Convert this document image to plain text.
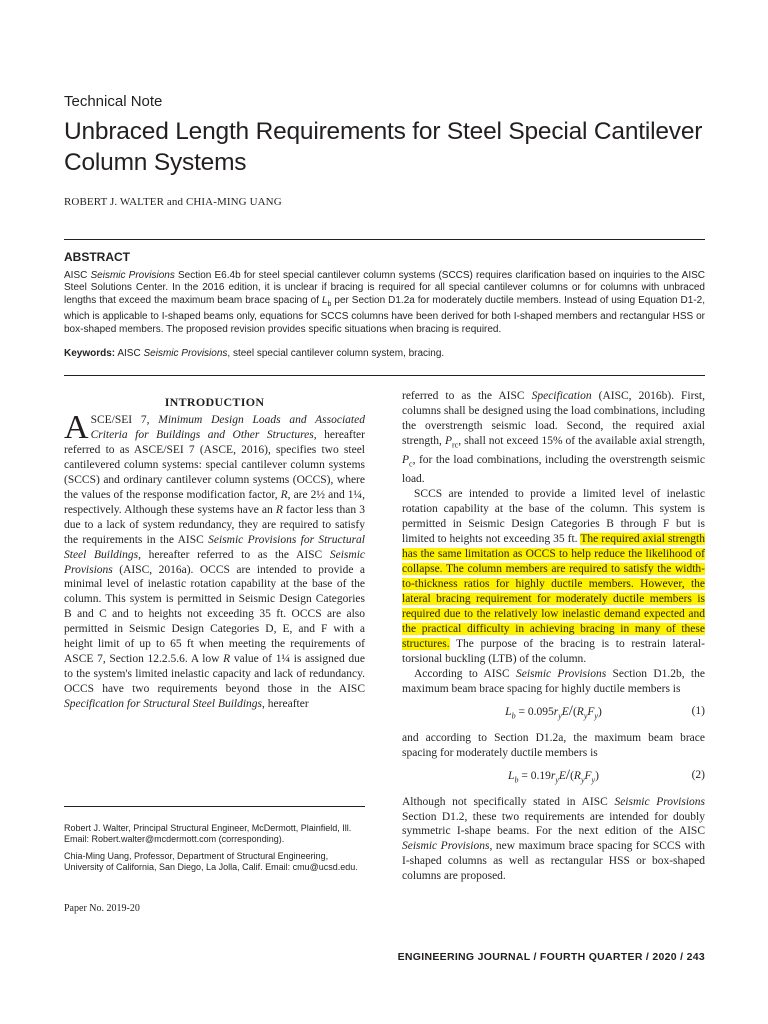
Technical Note
Unbraced Length Requirements for Steel Special Cantilever Column Systems
ROBERT J. WALTER and CHIA-MING UANG
ABSTRACT
AISC Seismic Provisions Section E6.4b for steel special cantilever column systems (SCCS) requires clarification based on inquiries to the AISC Steel Solutions Center. In the 2016 edition, it is unclear if bracing is required for all special cantilever columns or for columns with unbraced lengths that exceed the maximum beam brace spacing of $L_b$ per Section D1.2a for moderately ductile members. Instead of using Equation D1-2, which is applicable to I-shaped beams only, equations for SCCS columns have been derived for both I-shaped members and rectangular HSS or box-shaped members. The proposed revision provides specific situations when bracing is required.
Keywords: AISC Seismic Provisions, steel special cantilever column system, bracing.
INTRODUCTION

ASCE/SEI 7, Minimum Design Loads and Associated Criteria for Buildings and Other Structures, hereafter referred to as ASCE/SEI 7 (ASCE, 2016), specifies two steel cantilevered column systems: special cantilever column systems (SCCS) and ordinary cantilever column systems (OCCS), where the values of the response modification factor, R, are 2½ and 1¼, respectively. Although these systems have an R factor less than 3 due to a lack of system redundancy, they are required to satisfy the requirements in the AISC Seismic Provisions for Structural Steel Buildings, hereafter referred to as the AISC Seismic Provisions (AISC, 2016a). OCCS are intended to provide a minimal level of inelastic rotation capability at the base of the column. This system is permitted in Seismic Design Categories B and C and to heights not exceeding 35 ft. OCCS are also permitted in Seismic Design Categories D, E, and F with a height limit of up to 65 ft when meeting the requirements of ASCE 7, Section 12.2.5.6. A low R value of 1¼ is assigned due to the system's limited inelastic capacity and lack of redundancy. OCCS have two requirements beyond those in the AISC Specification for Structural Steel Buildings, hereafter

referred to as the AISC Specification (AISC, 2016b). First, columns shall be designed using the load combinations, including the overstrength seismic load. Second, the required axial strength, $P_{rc}$, shall not exceed 15% of the available axial strength, $P_c$, for the load combinations, including the overstrength seismic load.

SCCS are intended to provide a limited level of inelastic rotation capability at the base of the column. This system is permitted in Seismic Design Categories B through F but is limited to heights not exceeding 35 ft. The required axial strength has the same limitation as OCCS to help reduce the likelihood of collapse. The column members are required to satisfy the width-to-thickness ratios for highly ductile members. However, the lateral bracing requirement for moderately ductile members is required due to the relatively low inelastic demand expected and the practical difficulty in achieving bracing in many of these structures. The purpose of the bracing is to restrain lateral-torsional buckling (LTB) of the column.

According to AISC Seismic Provisions Section D1.2b, the maximum beam brace spacing for highly ductile members is

$L_b = 0.095r_yE/(R_yF_y)$	(1)

and according to Section D1.2a, the maximum beam brace spacing for moderately ductile members is

$L_b = 0.19r_yE/(R_yF_y)$	(2)

Although not specifically stated in AISC Seismic Provisions Section D1.2, these two requirements are intended for doubly symmetric I-shape beams. For the next edition of the AISC Seismic Provisions, new maximum brace spacing for SCCS with I-shaped columns as well as rectangular HSS or box-shaped columns are proposed.

Robert J. Walter, Principal Structural Engineer, McDermott, Plainfield, Ill. Email: Robert.walter@mcdermott.com (corresponding).
Chia-Ming Uang, Professor, Department of Structural Engineering, University of California, San Diego, La Jolla, Calif. Email: cmu@ucsd.edu.
Paper No. 2019-20
ENGINEERING JOURNAL / FOURTH QUARTER / 2020 / 243
